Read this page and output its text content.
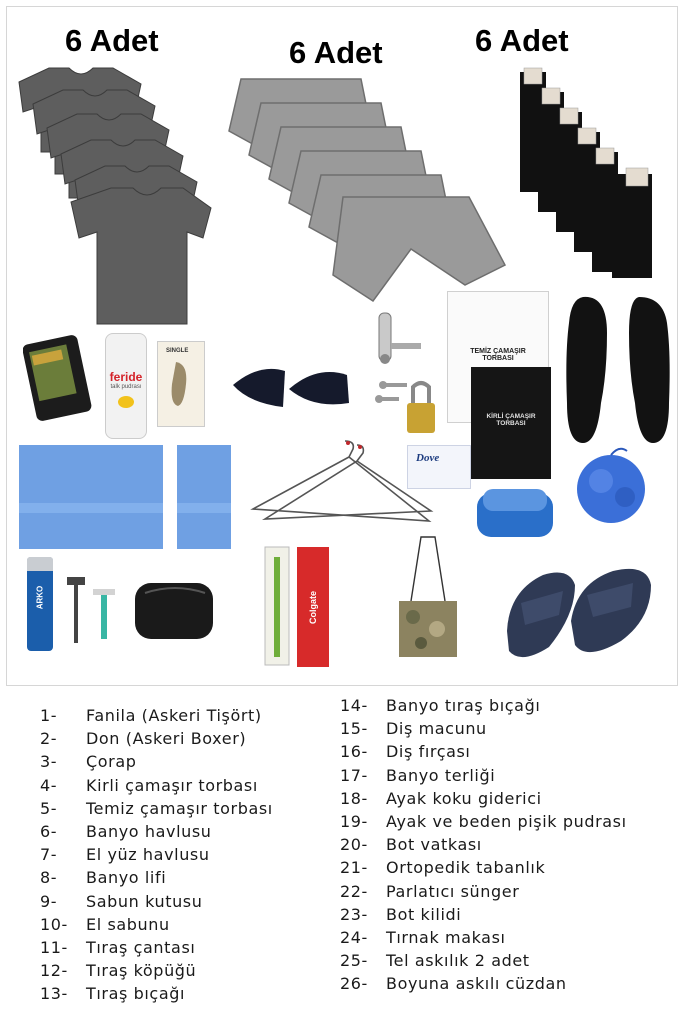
6 Adet	6 Adet	6 Adet
feride
talk pudrası
SINGLE	TEMİZ ÇAMAŞIR
TORBASI
KİRLİ ÇAMAŞIR
TORBASI
Dove
ARKO	Colgate
1- Fanila (Askeri Tişört)
2- Don (Askeri Boxer)
3- Çorap
4- Kirli çamaşır torbası
5- Temiz çamaşır torbası
6- Banyo havlusu
7- El yüz havlusu
8- Banyo lifi
9- Sabun kutusu
10- El sabunu
11- Tıraş çantası
12- Tıraş köpüğü
13- Tıraş bıçağı
14- Banyo tıraş bıçağı
15- Diş macunu
16- Diş fırçası
17- Banyo terliği
18- Ayak koku giderici
19- Ayak ve beden pişik pudrası
20- Bot vatkası
21- Ortopedik tabanlık
22- Parlatıcı sünger
23- Bot kilidi
24- Tırnak makası
25- Tel askılık 2 adet
26- Boyuna askılı cüzdan
